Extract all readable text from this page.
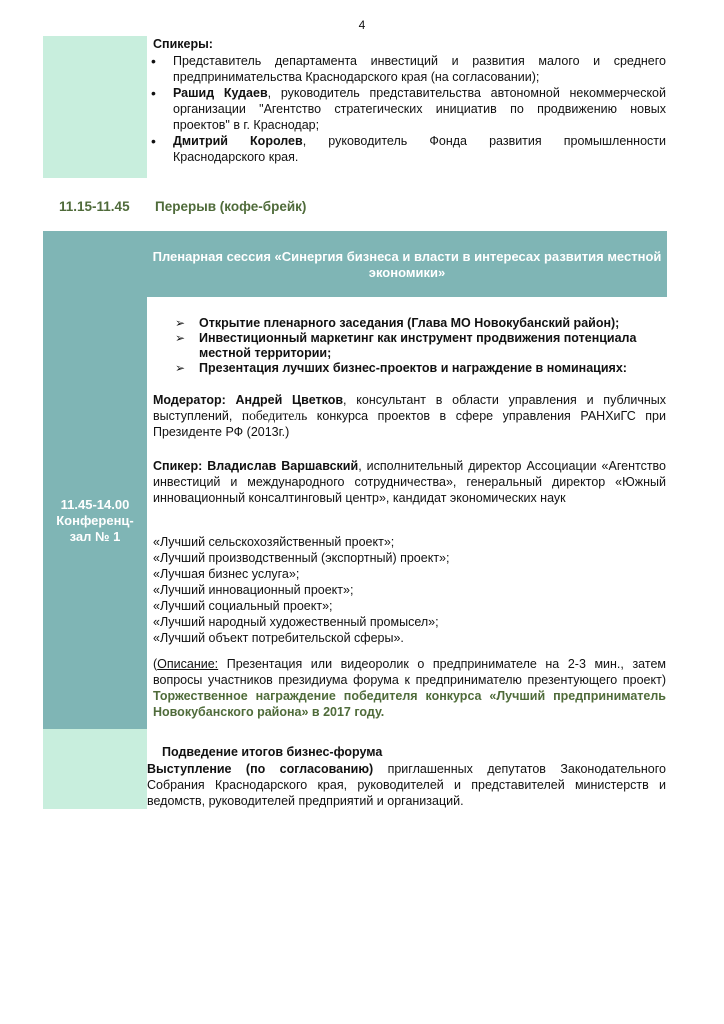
4
Спикеры:
• Представитель департамента инвестиций и развития малого и среднего предпринимательства Краснодарского края (на согласовании);
• Рашид Кудаев, руководитель представительства автономной некоммерческой организации "Агентство стратегических инициатив по продвижению новых проектов" в г. Краснодар;
• Дмитрий Королев, руководитель Фонда развития промышленности Краснодарского края.
11.15-11.45 Перерыв (кофе-брейк)
11.45-14.00
Конференц-
зал № 1
Пленарная сессия «Синергия бизнеса и власти в интересах развития местной экономики»
➢ Открытие пленарного заседания (Глава МО Новокубанский район);
➢ Инвестиционный маркетинг как инструмент продвижения потенциала местной территории;
➢ Презентация лучших бизнес-проектов и награждение в номинациях:
Модератор: Андрей Цветков, консультант в области управления и публичных выступлений, победитель конкурса проектов в сфере управления РАНХиГС при Президенте РФ (2013г.)
Спикер: Владислав Варшавский, исполнительный директор Ассоциации «Агентство инвестиций и международного сотрудничества», генеральный директор «Южный инновационный консалтинговый центр», кандидат экономических наук
«Лучший сельскохозяйственный проект»;
«Лучший производственный (экспортный) проект»;
«Лучшая бизнес услуга»;
«Лучший инновационный проект»;
«Лучший социальный проект»;
«Лучший народный художественный промысел»;
«Лучший объект потребительской сферы».
(Описание: Презентация или видеоролик о предпринимателе на 2-3 мин., затем вопросы участников президиума форума к предпринимателю презентующего проект) Торжественное награждение победителя конкурса «Лучший предприниматель Новокубанского района» в 2017 году.
Подведение итогов бизнес-форума
Выступление (по согласованию) приглашенных депутатов Законодательного Собрания Краснодарского края, руководителей и представителей министерств и ведомств, руководителей предприятий и организаций.
